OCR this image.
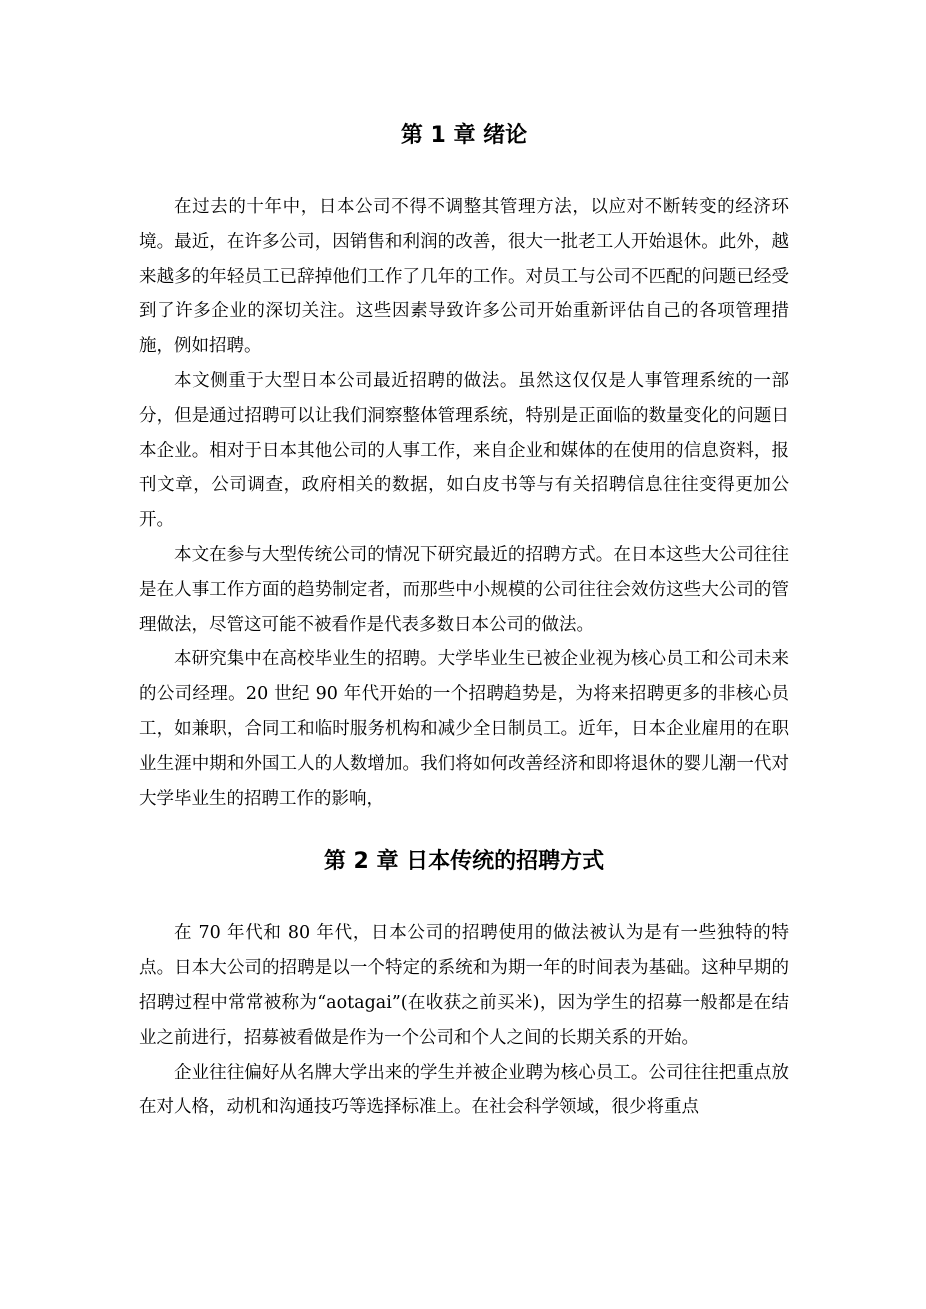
第 1 章 绪论

在过去的十年中，日本公司不得不调整其管理方法，以应对不断转变的经济环境。最近，在许多公司，因销售和利润的改善，很大一批老工人开始退休。此外，越来越多的年轻员工已辞掉他们工作了几年的工作。对员工与公司不匹配的问题已经受到了许多企业的深切关注。这些因素导致许多公司开始重新评估自己的各项管理措施，例如招聘。

本文侧重于大型日本公司最近招聘的做法。虽然这仅仅是人事管理系统的一部分，但是通过招聘可以让我们洞察整体管理系统，特别是正面临的数量变化的问题日本企业。相对于日本其他公司的人事工作，来自企业和媒体的在使用的信息资料，报刊文章，公司调查，政府相关的数据，如白皮书等与有关招聘信息往往变得更加公开。

本文在参与大型传统公司的情况下研究最近的招聘方式。在日本这些大公司往往是在人事工作方面的趋势制定者，而那些中小规模的公司往往会效仿这些大公司的管理做法，尽管这可能不被看作是代表多数日本公司的做法。

本研究集中在高校毕业生的招聘。大学毕业生已被企业视为核心员工和公司未来的公司经理。20 世纪 90 年代开始的一个招聘趋势是，为将来招聘更多的非核心员工，如兼职，合同工和临时服务机构和减少全日制员工。近年，日本企业雇用的在职业生涯中期和外国工人的人数增加。我们将如何改善经济和即将退休的婴儿潮一代对大学毕业生的招聘工作的影响，

第 2 章 日本传统的招聘方式

在 70 年代和 80 年代，日本公司的招聘使用的做法被认为是有一些独特的特点。日本大公司的招聘是以一个特定的系统和为期一年的时间表为基础。这种早期的招聘过程中常常被称为“aotagai”(在收获之前买米)，因为学生的招募一般都是在结业之前进行，招募被看做是作为一个公司和个人之间的长期关系的开始。

企业往往偏好从名牌大学出来的学生并被企业聘为核心员工。公司往往把重点放在对人格，动机和沟通技巧等选择标准上。在社会科学领域，很少将重点
